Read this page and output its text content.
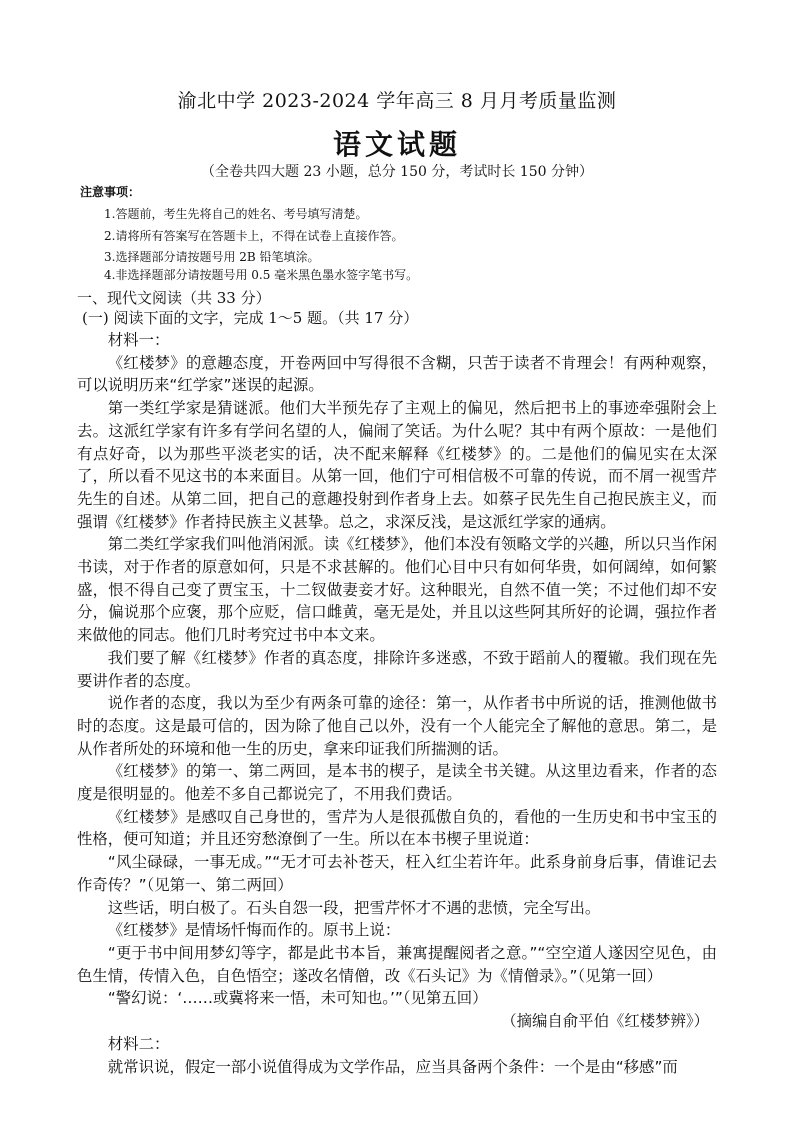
渝北中学 2023-2024 学年高三 8 月月考质量监测
语文试题
（全卷共四大题 23 小题，总分 150 分，考试时长 150 分钟）
注意事项：
1.答题前，考生先将自己的姓名、考号填写清楚。
2.请将所有答案写在答题卡上，不得在试卷上直接作答。
3.选择题部分请按题号用 2B 铅笔填涂。
4.非选择题部分请按题号用 0.5 毫米黑色墨水签字笔书写。
一、现代文阅读（共 33 分）
(一) 阅读下面的文字，完成 1～5 题。（共 17 分）

材料一：

《红楼梦》的意趣态度，开卷两回中写得很不含糊，只苦于读者不肯理会！有两种观察，可以说明历来“红学家”迷误的起源。

第一类红学家是猜谜派。他们大半预先存了主观上的偏见，然后把书上的事迹牵强附会上去。这派红学家有许多有学问名望的人，偏闹了笑话。为什么呢？其中有两个原故：一是他们有点好奇，以为那些平淡老实的话，决不配来解释《红楼梦》的。二是他们的偏见实在太深了，所以看不见这书的本来面目。从第一回，他们宁可相信极不可靠的传说，而不屑一视雪芹先生的自述。从第二回，把自己的意趣投射到作者身上去。如蔡孑民先生自己抱民族主义，而强谓《红楼梦》作者持民族主义甚挚。总之，求深反浅，是这派红学家的通病。

第二类红学家我们叫他消闲派。读《红楼梦》，他们本没有领略文学的兴趣，所以只当作闲书读，对于作者的原意如何，只是不求甚解的。他们心目中只有如何华贵，如何阔绰，如何繁盛，恨不得自己变了贾宝玉，十二钗做妻妾才好。这种眼光，自然不值一笑；不过他们却不安分，偏说那个应褒，那个应贬，信口雌黄，毫无是处，并且以这些阿其所好的论调，强拉作者来做他的同志。他们几时考究过书中本文来。

我们要了解《红楼梦》作者的真态度，排除许多迷惑，不致于蹈前人的覆辙。我们现在先要讲作者的态度。

说作者的态度，我以为至少有两条可靠的途径：第一，从作者书中所说的话，推测他做书时的态度。这是最可信的，因为除了他自己以外，没有一个人能完全了解他的意思。第二，是从作者所处的环境和他一生的历史，拿来印证我们所揣测的话。

《红楼梦》的第一、第二两回，是本书的楔子，是读全书关键。从这里边看来，作者的态度是很明显的。他差不多自己都说完了，不用我们费话。

《红楼梦》是感叹自己身世的，雪芹为人是很孤傲自负的，看他的一生历史和书中宝玉的性格，便可知道；并且还穷愁潦倒了一生。所以在本书楔子里说道：

“风尘碌碌，一事无成。”“无才可去补苍天，枉入红尘若许年。此系身前身后事，倩谁记去作奇传？”（见第一、第二两回）

这些话，明白极了。石头自怨一段，把雪芹怀才不遇的悲愤，完全写出。

《红楼梦》是情场忏悔而作的。原书上说：

“更于书中间用梦幻等字，都是此书本旨，兼寓提醒阅者之意。”“空空道人遂因空见色，由色生情，传情入色，自色悟空；遂改名情僧，改《石头记》为《情僧录》。”（见第一回）

“警幻说：‘……或冀将来一悟，未可知也。’”（见第五回）

（摘编自俞平伯《红楼梦辨》）

材料二：

就常识说，假定一部小说值得成为文学作品，应当具备两个条件：一个是由“移感”而
